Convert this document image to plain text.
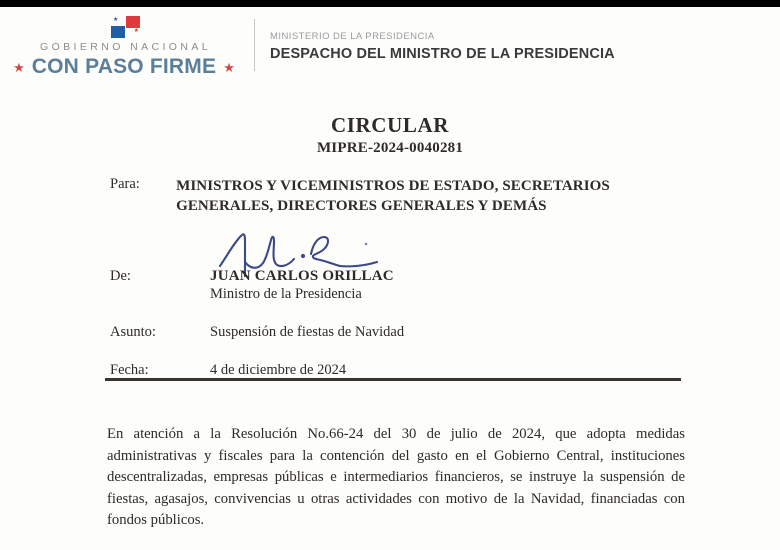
★
★
GOBIERNO NACIONAL
★ CON PASO FIRME ★
MINISTERIO DE LA PRESIDENCIA
DESPACHO DEL MINISTRO DE LA PRESIDENCIA
CIRCULAR
MIPRE-2024-0040281
Para:	MINISTROS Y VICEMINISTROS DE ESTADO, SECRETARIOS GENERALES, DIRECTORES GENERALES Y DEMÁS
De:	JUAN CARLOS ORILLAC
Ministro de la Presidencia
Asunto:	Suspensión de fiestas de Navidad
Fecha:	4 de diciembre de 2024
En atención a la Resolución No.66-24 del 30 de julio de 2024, que adopta medidas administrativas y fiscales para la contención del gasto en el Gobierno Central, instituciones descentralizadas, empresas públicas e intermediarios financieros, se instruye la suspensión de fiestas, agasajos, convivencias u otras actividades con motivo de la Navidad, financiadas con fondos públicos.
